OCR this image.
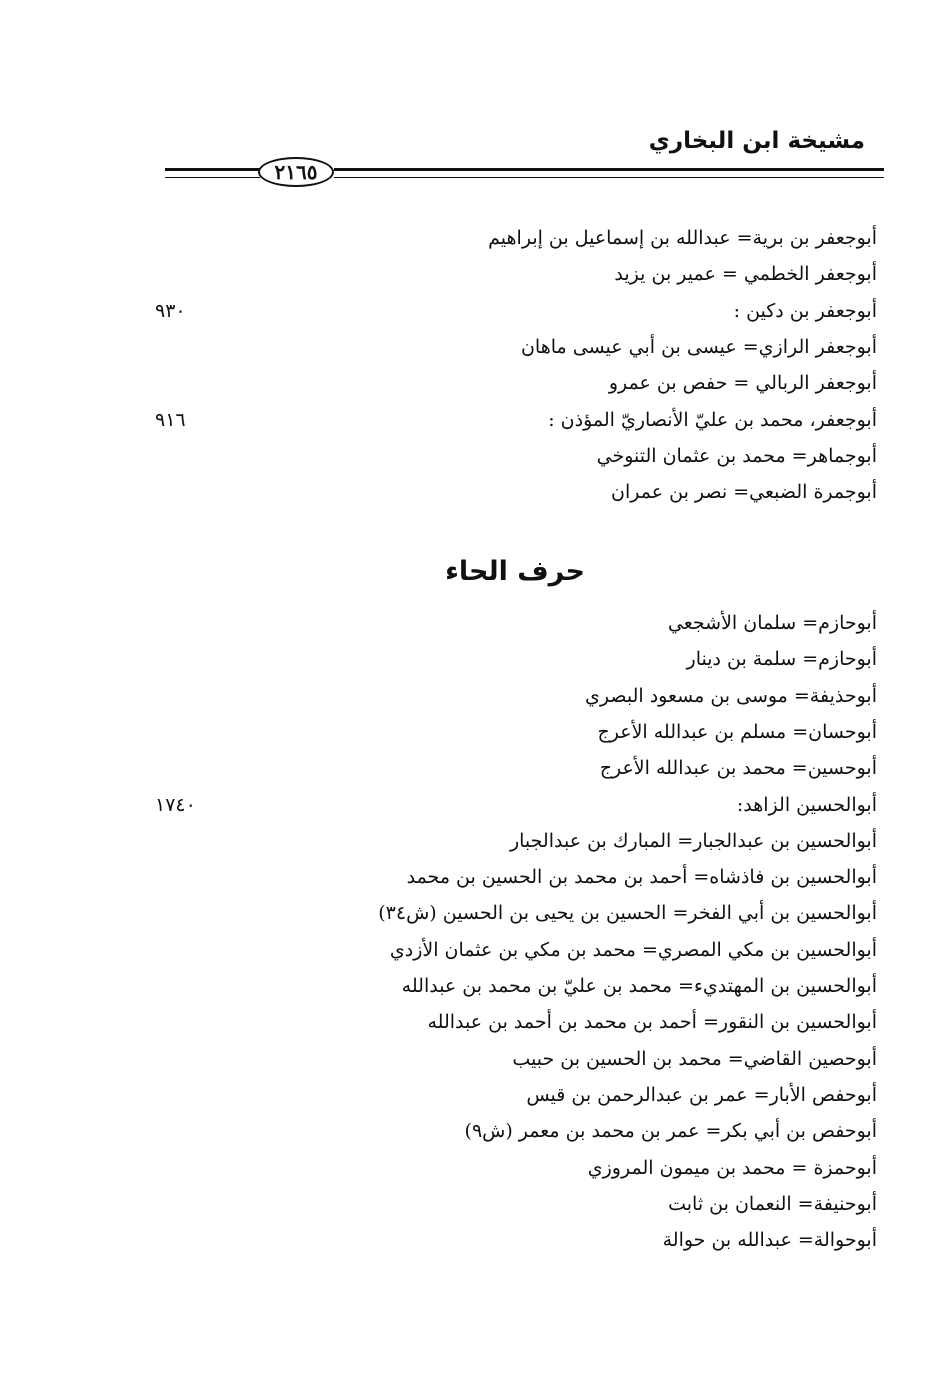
مشيخة ابن البخاري
٢١٦٥
أبوجعفر بن برية= عبدالله بن إسماعيل بن إبراهيم
أبوجعفر الخطمي = عمير بن يزيد
أبوجعفر بن دكين :
٩٣٠
أبوجعفر الرازي= عيسى بن أبي عيسى ماهان
أبوجعفر الربالي = حفص بن عمرو
أبوجعفر، محمد بن عليّ الأنصاريّ المؤذن :
٩١٦
أبوجماهر= محمد بن عثمان التنوخي
أبوجمرة الضبعي= نصر بن عمران
حرف الحاء
أبوحازم= سلمان الأشجعي
أبوحازم= سلمة بن دينار
أبوحذيفة= موسى بن مسعود البصري
أبوحسان= مسلم بن عبدالله الأعرج
أبوحسين= محمد بن عبدالله الأعرج
أبوالحسين الزاهد:
١٧٤٠
أبوالحسين بن عبدالجبار= المبارك بن عبدالجبار
أبوالحسين بن فاذشاه= أحمد بن محمد بن الحسين بن محمد
أبوالحسين بن أبي الفخر= الحسين بن يحيى بن الحسين (ش٣٤)
أبوالحسين بن مكي المصري= محمد بن مكي بن عثمان الأزدي
أبوالحسين بن المهتديء= محمد بن عليّ بن محمد بن عبدالله
أبوالحسين بن النقور= أحمد بن محمد بن أحمد بن عبدالله
أبوحصين القاضي= محمد بن الحسين بن حبيب
أبوحفص الأبار= عمر بن عبدالرحمن بن قيس
أبوحفص بن أبي بكر= عمر بن محمد بن معمر (ش٩)
أبوحمزة = محمد بن ميمون المروزي
أبوحنيفة= النعمان بن ثابت
أبوحوالة= عبدالله بن حوالة
